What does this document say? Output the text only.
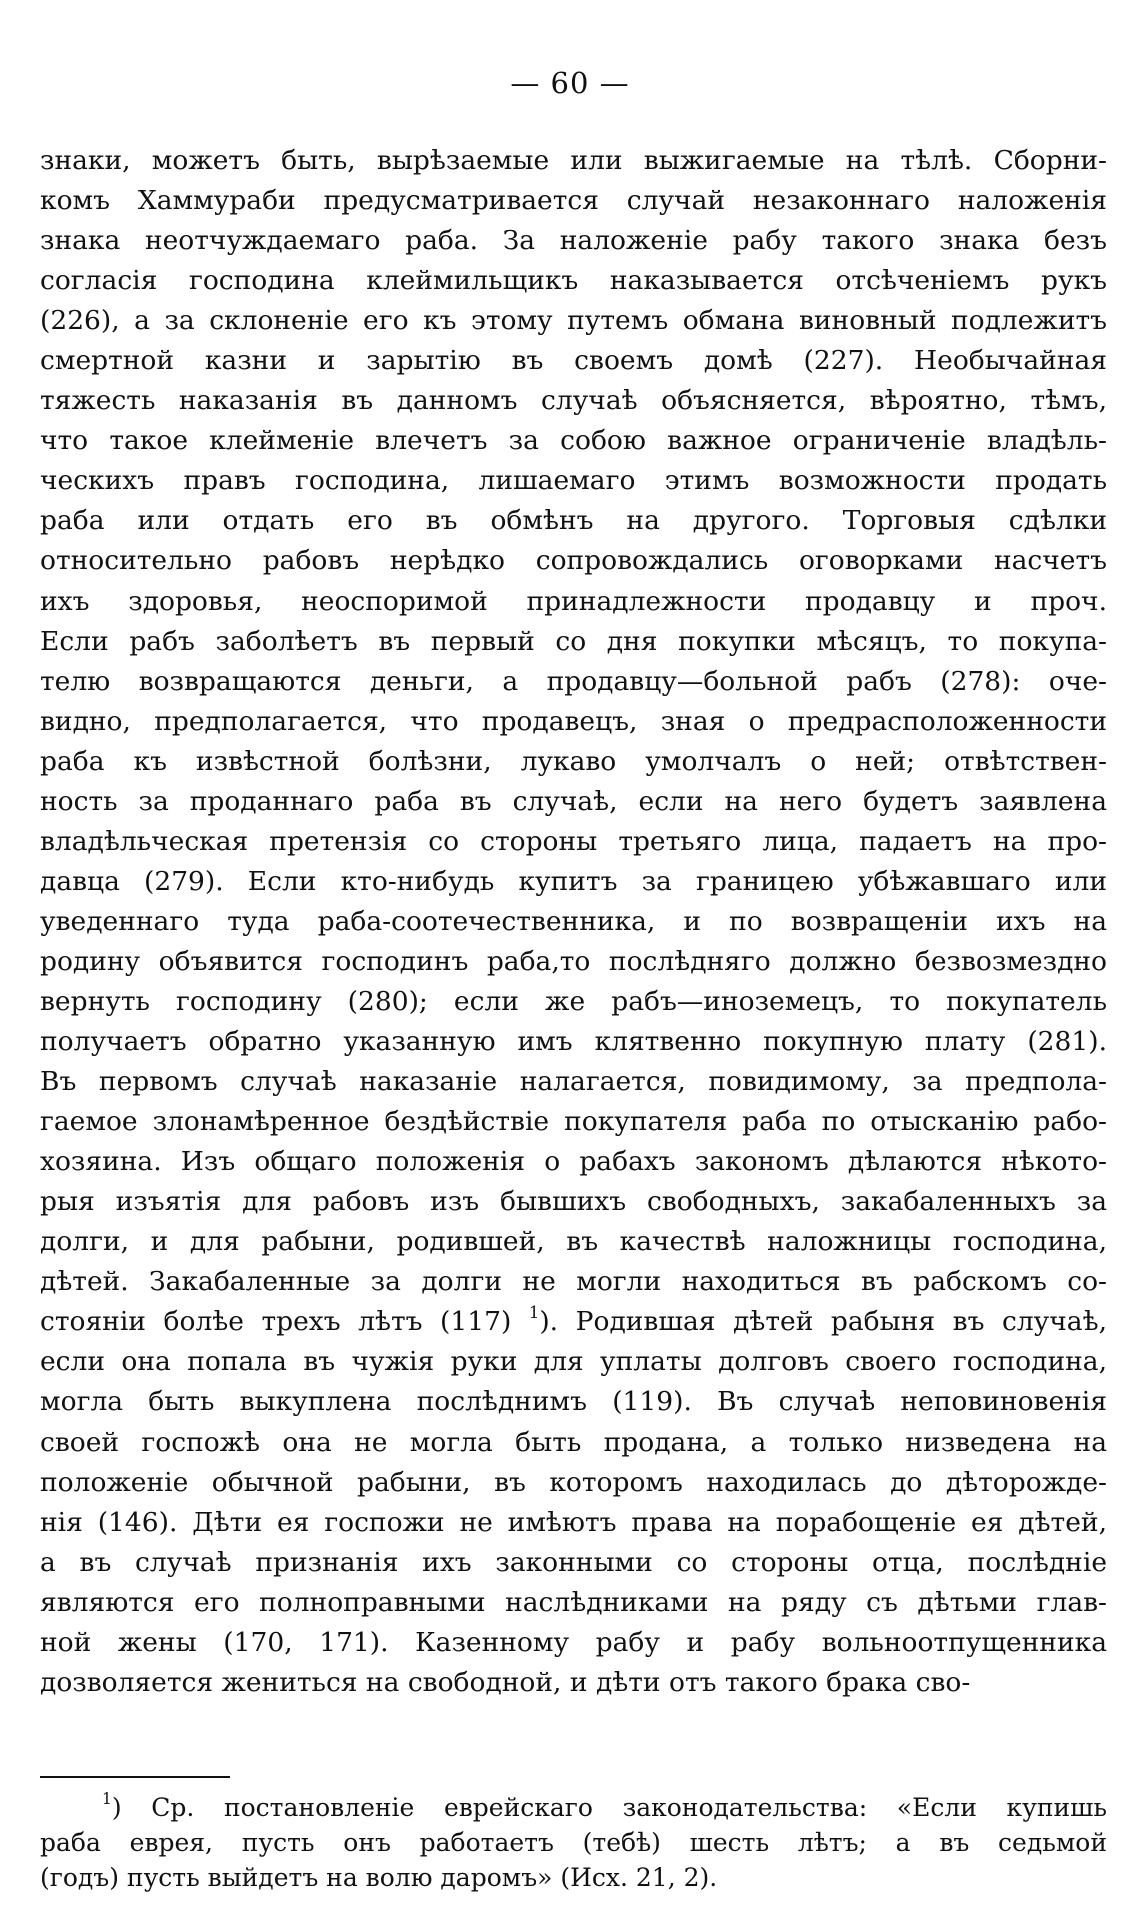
— 60 —
знаки, можетъ быть, вырѣзаемые или выжигаемые на тѣлѣ. Сборни-
комъ Хаммураби предусматривается случай незаконнаго наложенія
знака неотчуждаемаго раба. За наложеніе рабу такого знака безъ
согласія господина клеймильщикъ наказывается отсѣченіемъ рукъ
(226), а за склоненіе его къ этому путемъ обмана виновный подлежитъ
смертной казни и зарытію въ своемъ домѣ (227). Необычайная
тяжесть наказанія въ данномъ случаѣ объясняется, вѣроятно, тѣмъ,
что такое клейменіе влечетъ за собою важное ограниченіе владѣль-
ческихъ правъ господина, лишаемаго этимъ возможности продать
раба или отдать его въ обмѣнъ на другого. Торговыя сдѣлки
относительно рабовъ нерѣдко сопровождались оговорками насчетъ
ихъ здоровья, неоспоримой принадлежности продавцу и проч.
Если рабъ заболѣетъ въ первый со дня покупки мѣсяцъ, то покупа-
телю возвращаются деньги, а продавцу—больной рабъ (278): оче-
видно, предполагается, что продавецъ, зная о предрасположенности
раба къ извѣстной болѣзни, лукаво умолчалъ о ней; отвѣтствен-
ность за проданнаго раба въ случаѣ, если на него будетъ заявлена
владѣльческая претензія со стороны третьяго лица, падаетъ на про-
давца (279). Если кто-нибудь купитъ за границею убѣжавшаго или
уведеннаго туда раба-соотечественника, и по возвращеніи ихъ на
родину объявится господинъ раба,то послѣдняго должно безвозмездно
вернуть господину (280); если же рабъ—иноземецъ, то покупатель
получаетъ обратно указанную имъ клятвенно покупную плату (281).
Въ первомъ случаѣ наказаніе налагается, повидимому, за предпола-
гаемое злонамѣренное бездѣйствіе покупателя раба по отысканію рабо-
хозяина. Изъ общаго положенія о рабахъ закономъ дѣлаются нѣкото-
рыя изъятія для рабовъ изъ бывшихъ свободныхъ, закабаленныхъ за
долги, и для рабыни, родившей, въ качествѣ наложницы господина,
дѣтей. Закабаленные за долги не могли находиться въ рабскомъ со-
стояніи болѣе трехъ лѣтъ (117) $^1$). Родившая дѣтей рабыня въ случаѣ,
если она попала въ чужія руки для уплаты долговъ своего господина,
могла быть выкуплена послѣднимъ (119). Въ случаѣ неповиновенія
своей госпожѣ она не могла быть продана, а только низведена на
положеніе обычной рабыни, въ которомъ находилась до дѣторожде-
нія (146). Дѣти ея госпожи не имѣютъ права на порабощеніе ея дѣтей,
а въ случаѣ признанія ихъ законными со стороны отца, послѣдніе
являются его полноправными наслѣдниками на ряду съ дѣтьми глав-
ной жены (170, 171). Казенному рабу и рабу вольноотпущенника
дозволяется жениться на свободной, и дѣти отъ такого брака сво-
$^1$) Ср. постановленіе еврейскаго законодательства: «Если купишь
раба еврея, пусть онъ работаетъ (тебѣ) шесть лѣтъ; а въ седьмой
(годъ) пусть выйдетъ на волю даромъ» (Исх. 21, 2).
